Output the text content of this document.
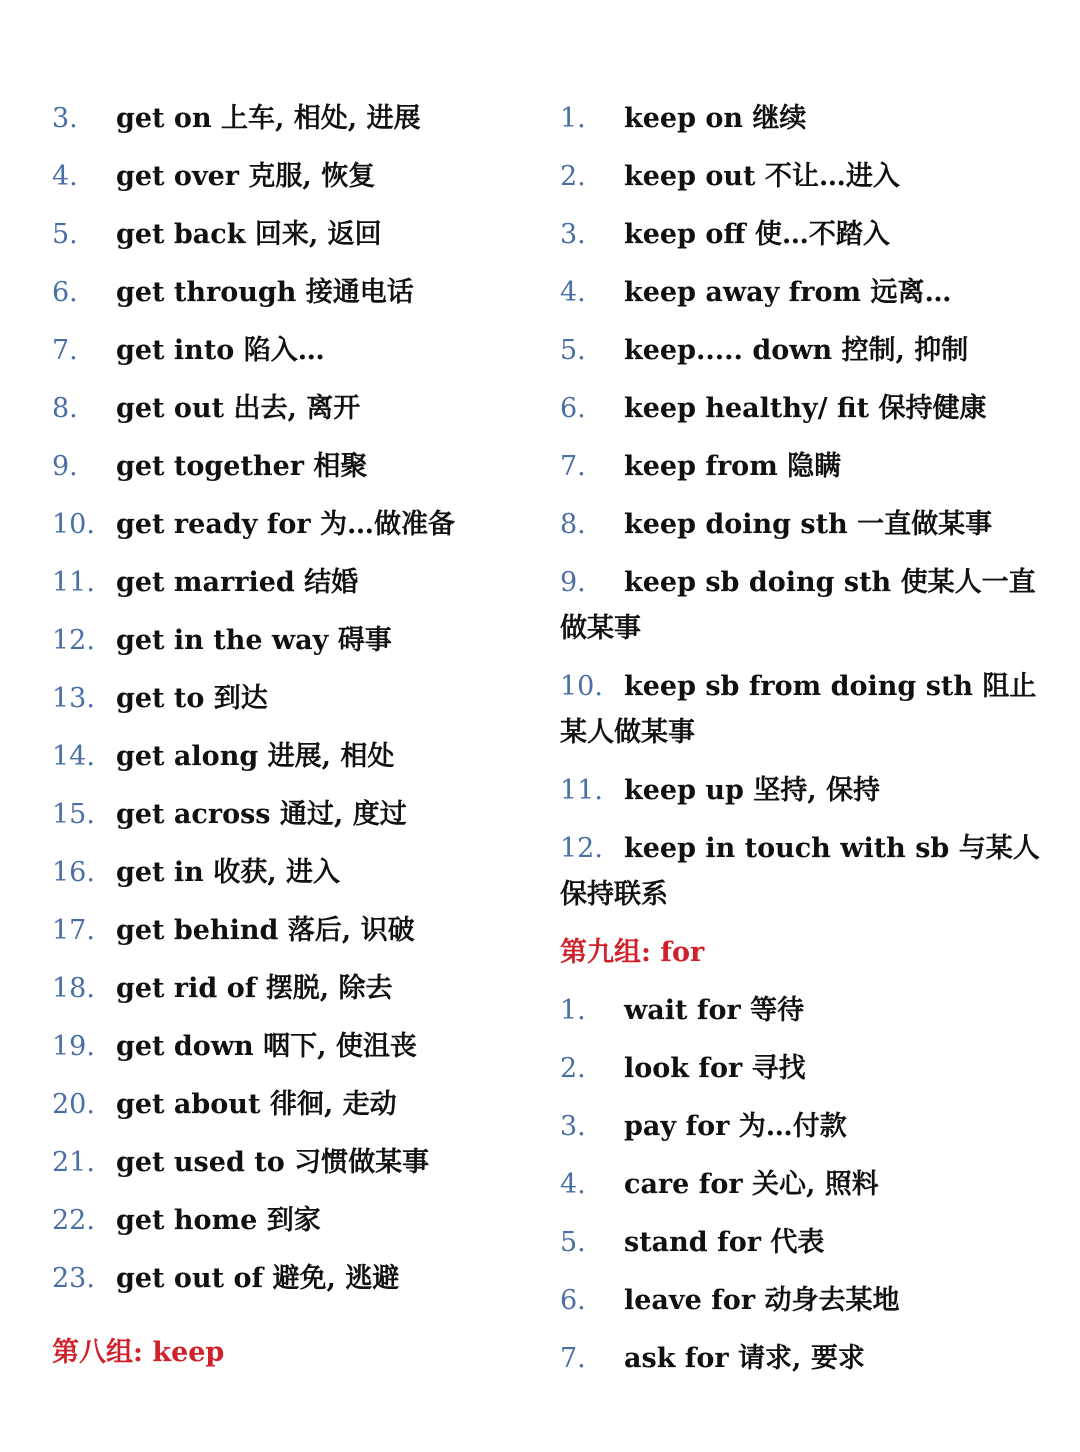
3. get on 上车, 相处, 进展
4. get over 克服, 恢复
5. get back 回来, 返回
6. get through 接通电话
7. get into 陷入…
8. get out 出去, 离开
9. get together 相聚
10. get ready for 为…做准备
11. get married 结婚
12. get in the way 碍事
13. get to 到达
14. get along 进展, 相处
15. get across 通过, 度过
16. get in 收获, 进入
17. get behind 落后, 识破
18. get rid of 摆脱, 除去
19. get down 咽下, 使沮丧
20. get about 徘徊, 走动
21. get used to 习惯做某事
22. get home 到家
23. get out of 避免, 逃避
第八组: keep
1. keep on 继续
2. keep out 不让…进入
3. keep off 使…不踏入
4. keep away from 远离…
5. keep..... down 控制, 抑制
6. keep healthy/ fit 保持健康
7. keep from 隐瞒
8. keep doing sth 一直做某事
9. keep sb doing sth 使某人一直做某事
10. keep sb from doing sth 阻止某人做某事
11. keep up 坚持, 保持
12. keep in touch with sb 与某人保持联系
第九组: for
1. wait for 等待
2. look for 寻找
3. pay for 为…付款
4. care for 关心, 照料
5. stand for 代表
6. leave for 动身去某地
7. ask for 请求, 要求
